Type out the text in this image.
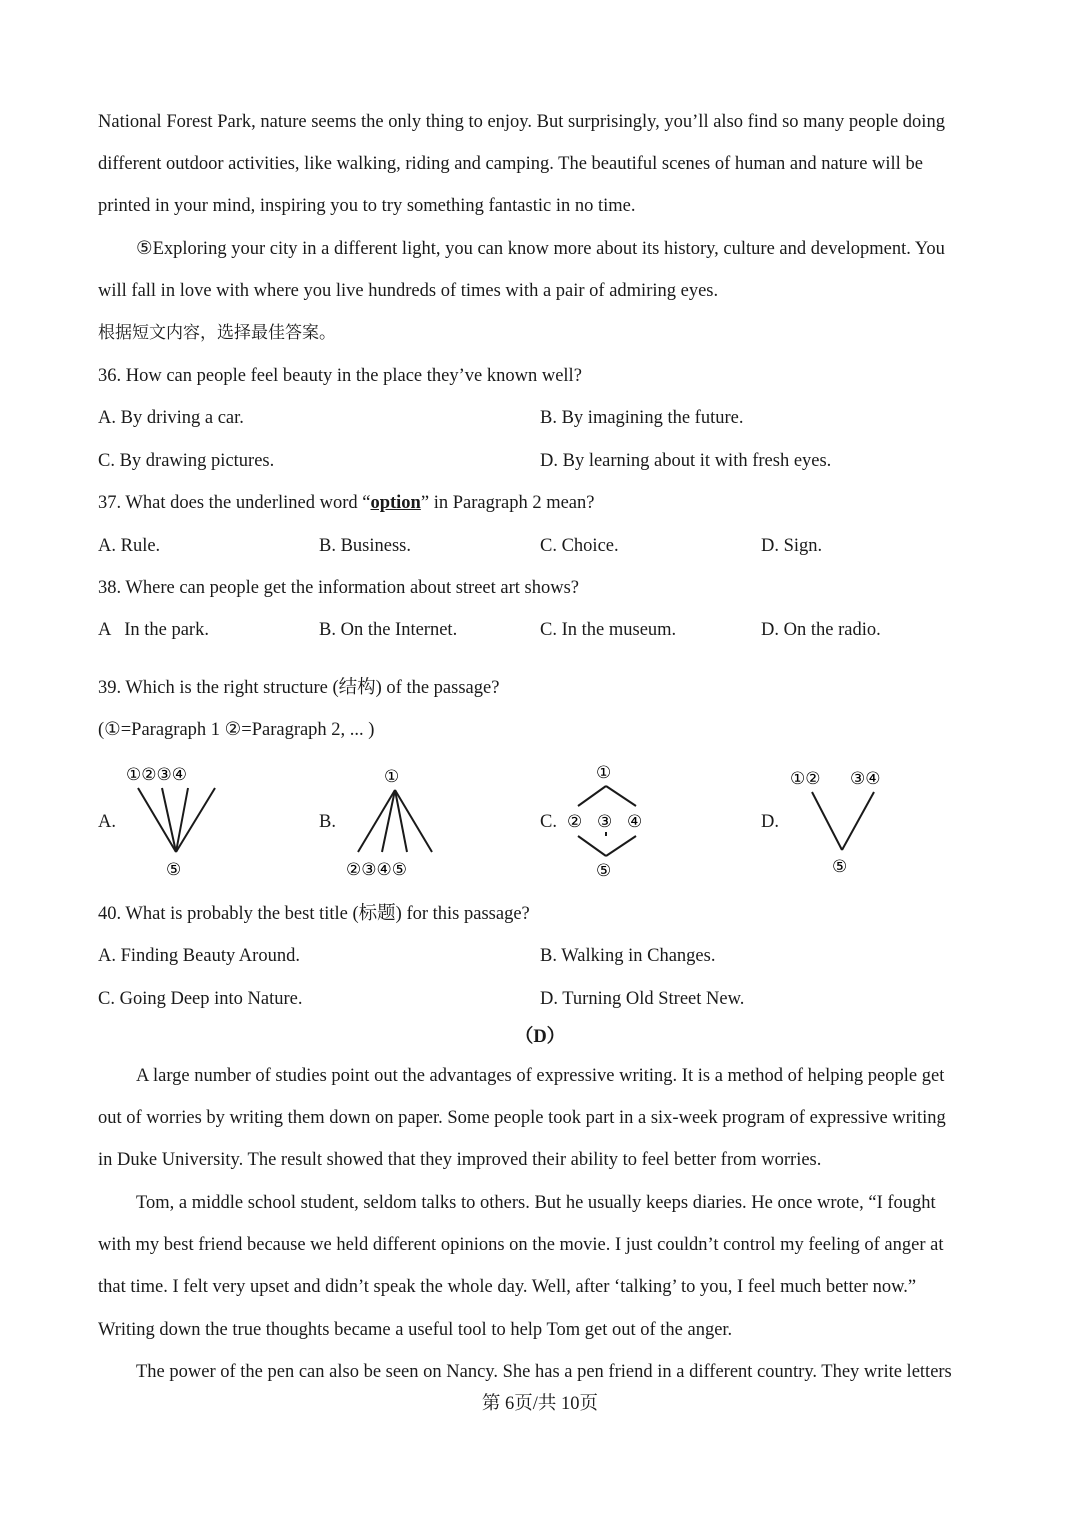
National Forest Park, nature seems the only thing to enjoy. But surprisingly, you’ll also find so many people doing
different outdoor activities, like walking, riding and camping. The beautiful scenes of human and nature will be
printed in your mind, inspiring you to try something fantastic in no time.
⑤Exploring your city in a different light, you can know more about its history, culture and development. You
will fall in love with where you live hundreds of times with a pair of admiring eyes.
根据短文内容，选择最佳答案。
36. How can people feel beauty in the place they’ve known well?
A. By driving a car.	B. By imagining the future.
C. By drawing pictures.	D. By learning about it with fresh eyes.
37. What does the underlined word “option” in Paragraph 2 mean?
A. Rule.	B. Business.	C. Choice.	D. Sign.
38. Where can people get the information about street art shows?
A   In the park.	B. On the Internet.	C. In the museum.	D. On the radio.
39. Which is the right structure (结构) of the passage?
(①=Paragraph 1 ②=Paragraph 2, ... )
A.	B.	C.	D.
①②③④
⑤
①
②③④⑤
①
② ③ ④
⑤
①② ③④
⑤
40. What is probably the best title (标题) for this passage?
A. Finding Beauty Around.	B. Walking in Changes.
C. Going Deep into Nature.	D. Turning Old Street New.
（D）
A large number of studies point out the advantages of expressive writing. It is a method of helping people get
out of worries by writing them down on paper. Some people took part in a six-week program of expressive writing
in Duke University. The result showed that they improved their ability to feel better from worries.
Tom, a middle school student, seldom talks to others. But he usually keeps diaries. He once wrote, “I fought
with my best friend because we held different opinions on the movie. I just couldn’t control my feeling of anger at
that time. I felt very upset and didn’t speak the whole day. Well, after ‘talking’ to you, I feel much better now.”
Writing down the true thoughts became a useful tool to help Tom get out of the anger.
The power of the pen can also be seen on Nancy. She has a pen friend in a different country. They write letters
第 6页/共 10页
